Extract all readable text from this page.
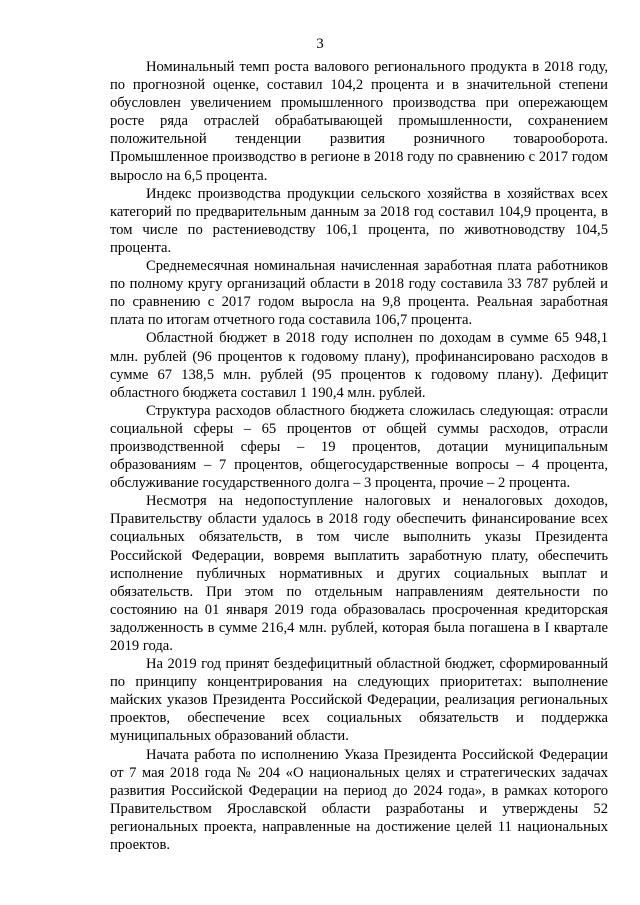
3

Номинальный темп роста валового регионального продукта в 2018 году, по прогнозной оценке, составил 104,2 процента и в значительной степени обусловлен увеличением промышленного производства при опережающем росте ряда отраслей обрабатывающей промышленности, сохранением положительной тенденции развития розничного товарооборота. Промышленное производство в регионе в 2018 году по сравнению с 2017 годом выросло на 6,5 процента.

Индекс производства продукции сельского хозяйства в хозяйствах всех категорий по предварительным данным за 2018 год составил 104,9 процента, в том числе по растениеводству 106,1 процента, по животноводству 104,5 процента.

Среднемесячная номинальная начисленная заработная плата работников по полному кругу организаций области в 2018 году составила 33 787 рублей и по сравнению с 2017 годом выросла на 9,8 процента. Реальная заработная плата по итогам отчетного года составила 106,7 процента.

Областной бюджет в 2018 году исполнен по доходам в сумме 65 948,1 млн. рублей (96 процентов к годовому плану), профинансировано расходов в сумме 67 138,5 млн. рублей (95 процентов к годовому плану). Дефицит областного бюджета составил 1 190,4 млн. рублей.

Структура расходов областного бюджета сложилась следующая: отрасли социальной сферы – 65 процентов от общей суммы расходов, отрасли производственной сферы – 19 процентов, дотации муниципальным образованиям – 7 процентов, общегосударственные вопросы – 4 процента, обслуживание государственного долга – 3 процента, прочие – 2 процента.

Несмотря на недопоступление налоговых и неналоговых доходов, Правительству области удалось в 2018 году обеспечить финансирование всех социальных обязательств, в том числе выполнить указы Президента Российской Федерации, вовремя выплатить заработную плату, обеспечить исполнение публичных нормативных и других социальных выплат и обязательств. При этом по отдельным направлениям деятельности по состоянию на 01 января 2019 года образовалась просроченная кредиторская задолженность в сумме 216,4 млн. рублей, которая была погашена в I квартале 2019 года.

На 2019 год принят бездефицитный областной бюджет, сформированный по принципу концентрирования на следующих приоритетах: выполнение майских указов Президента Российской Федерации, реализация региональных проектов, обеспечение всех социальных обязательств и поддержка муниципальных образований области.

Начата работа по исполнению Указа Президента Российской Федерации от 7 мая 2018 года № 204 «О национальных целях и стратегических задачах развития Российской Федерации на период до 2024 года», в рамках которого Правительством Ярославской области разработаны и утверждены 52 региональных проекта, направленные на достижение целей 11 национальных проектов.
